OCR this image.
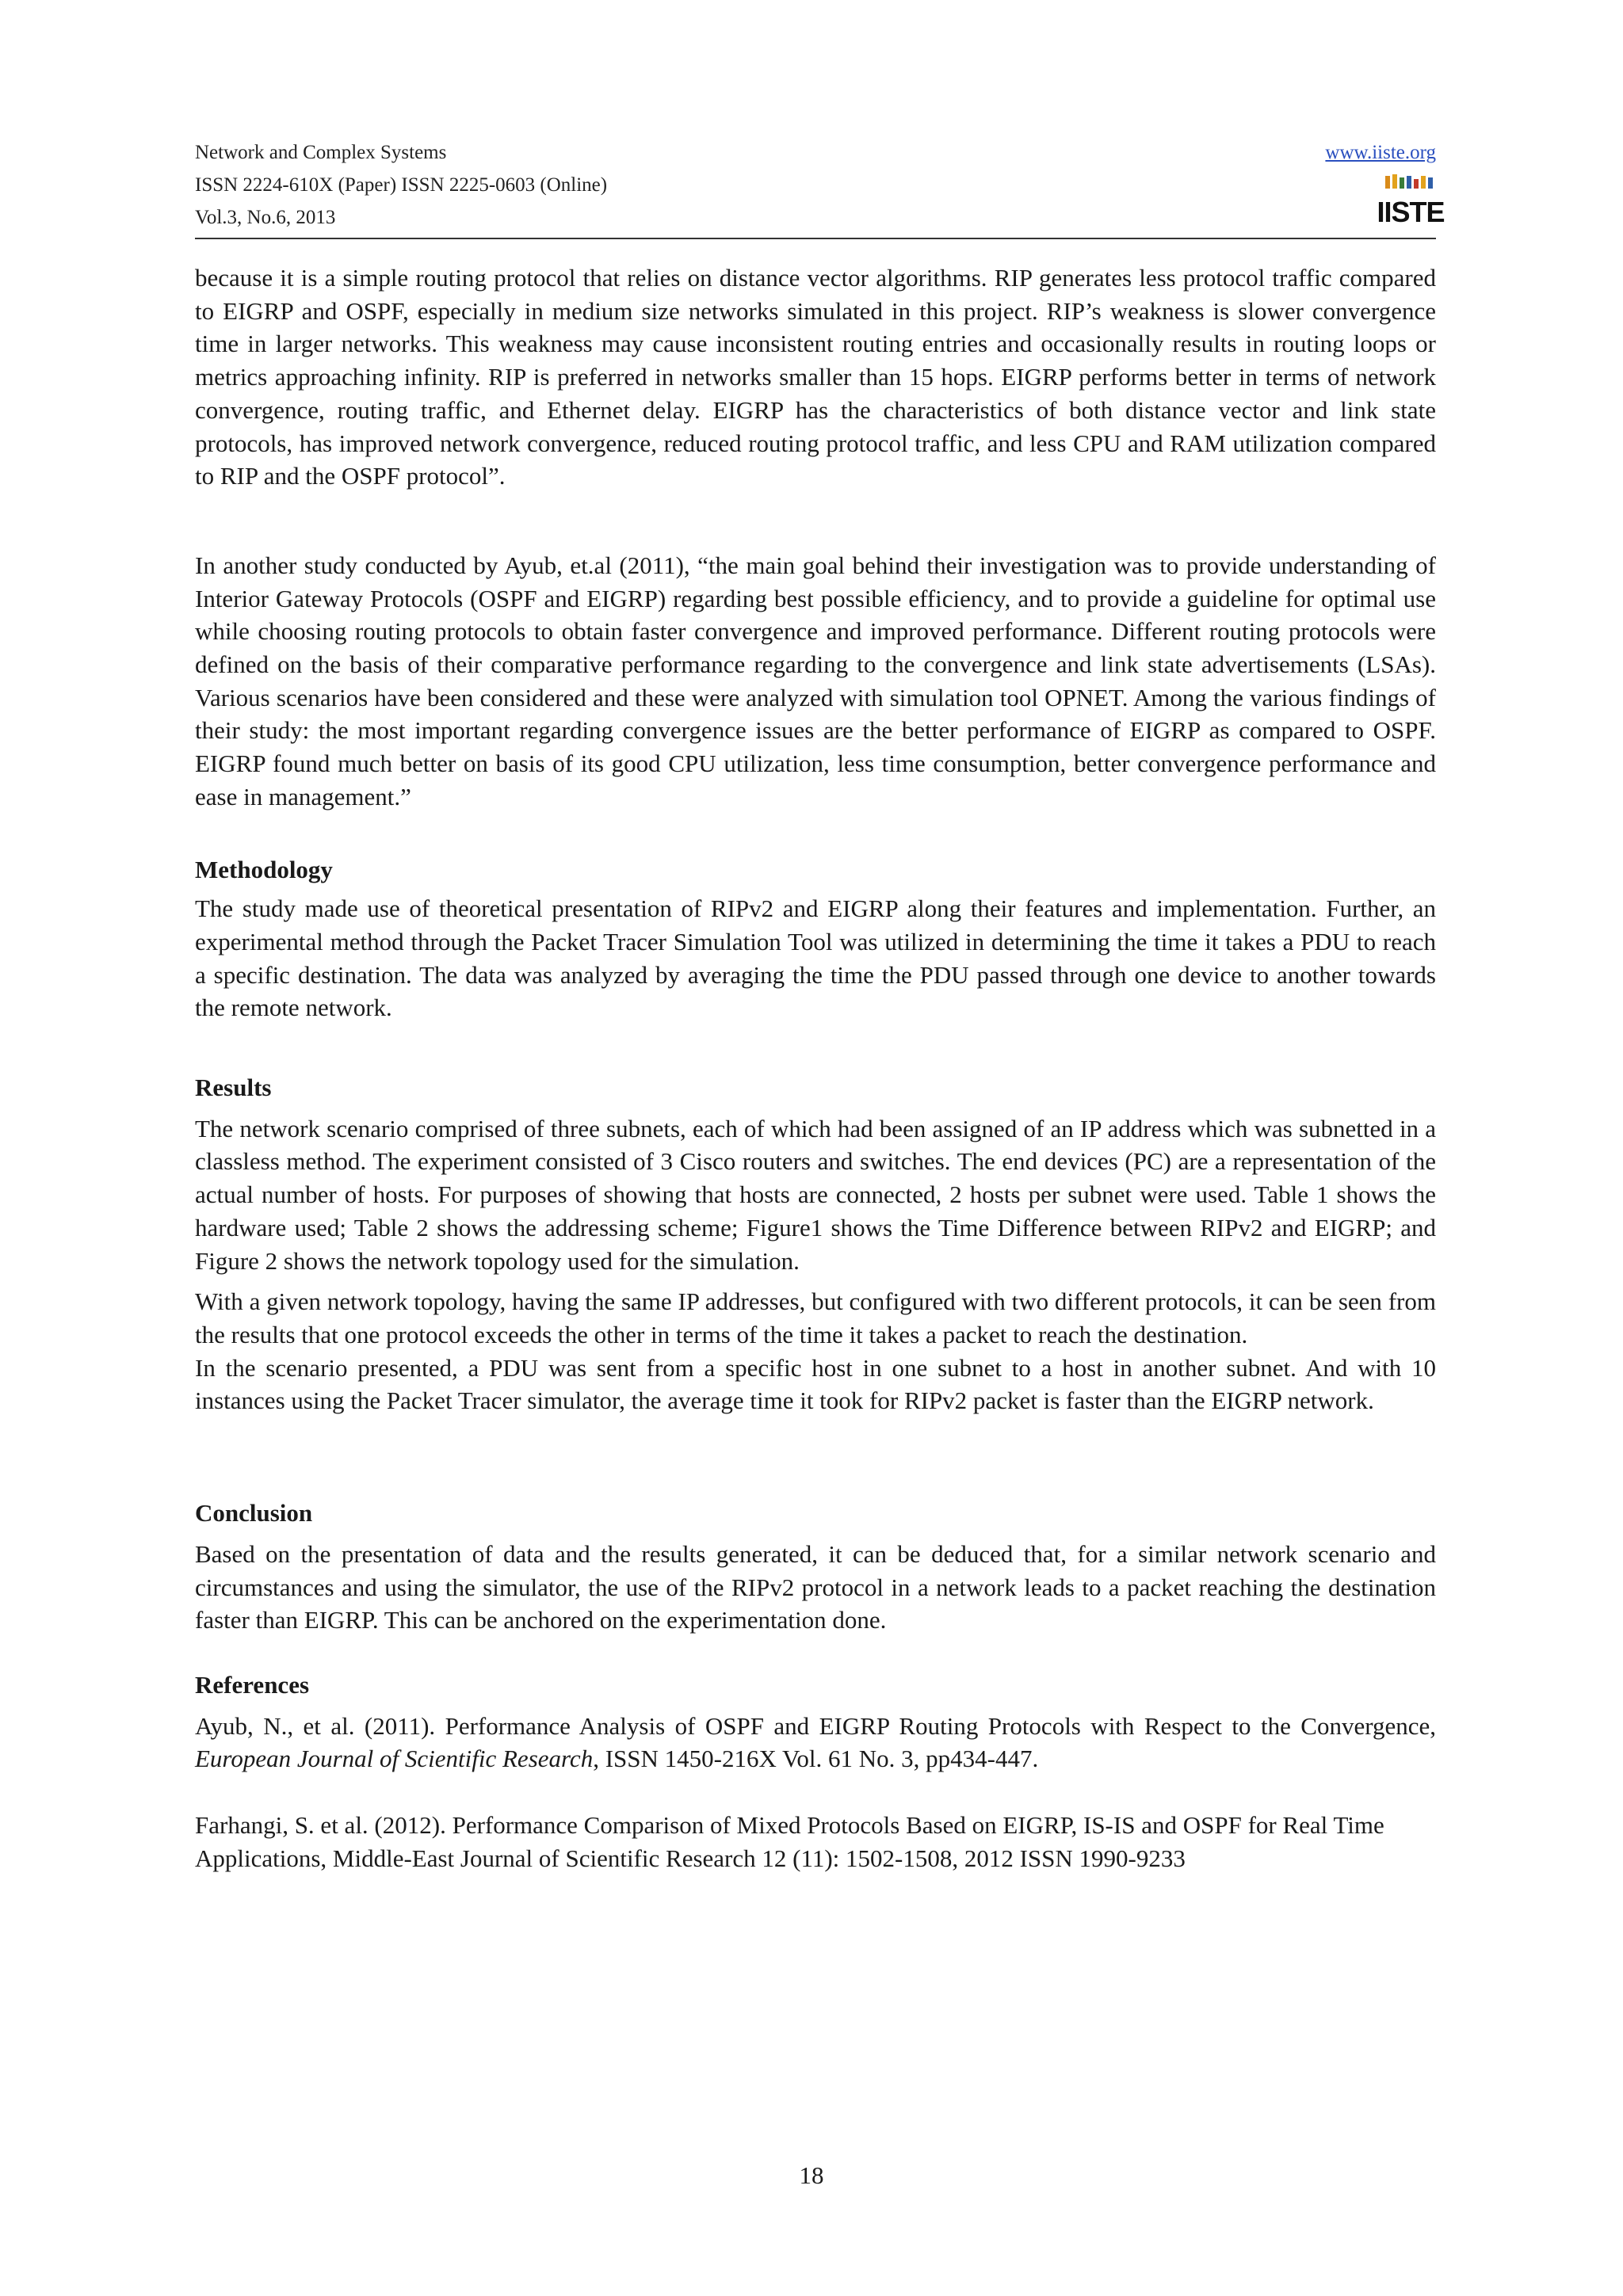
Network and Complex Systems
ISSN 2224-610X (Paper) ISSN 2225-0603 (Online)
Vol.3, No.6, 2013
www.iiste.org
IISTE

because it is a simple routing protocol that relies on distance vector algorithms. RIP generates less protocol traffic compared to EIGRP and OSPF, especially in medium size networks simulated in this project. RIP’s weakness is slower convergence time in larger networks. This weakness may cause inconsistent routing entries and occasionally results in routing loops or metrics approaching infinity. RIP is preferred in networks smaller than 15 hops. EIGRP performs better in terms of network convergence, routing traffic, and Ethernet delay. EIGRP has the characteristics of both distance vector and link state protocols, has improved network convergence, reduced routing protocol traffic, and less CPU and RAM utilization compared to RIP and the OSPF protocol”.

In another study conducted by Ayub, et.al (2011), “the main goal behind their investigation was to provide understanding of Interior Gateway Protocols (OSPF and EIGRP) regarding best possible efficiency, and to provide a guideline for optimal use while choosing routing protocols to obtain faster convergence and improved performance. Different routing protocols were defined on the basis of their comparative performance regarding to the convergence and link state advertisements (LSAs). Various scenarios have been considered and these were analyzed with simulation tool OPNET. Among the various findings of their study: the most important regarding convergence issues are the better performance of EIGRP as compared to OSPF. EIGRP found much better on basis of its good CPU utilization, less time consumption, better convergence performance and ease in management.”

Methodology

The study made use of theoretical presentation of RIPv2 and EIGRP along their features and implementation. Further, an experimental method through the Packet Tracer Simulation Tool was utilized in determining the time it takes a PDU to reach a specific destination. The data was analyzed by averaging the time the PDU passed through one device to another towards the remote network.

Results

The network scenario comprised of three subnets, each of which had been assigned of an IP address which was subnetted in a classless method. The experiment consisted of 3 Cisco routers and switches. The end devices (PC) are a representation of the actual number of hosts. For purposes of showing that hosts are connected, 2 hosts per subnet were used. Table 1 shows the hardware used; Table 2 shows the addressing scheme; Figure1 shows the Time Difference between RIPv2 and EIGRP; and Figure 2 shows the network topology used for the simulation.

With a given network topology, having the same IP addresses, but configured with two different protocols, it can be seen from the results that one protocol exceeds the other in terms of the time it takes a packet to reach the destination.

In the scenario presented, a PDU was sent from a specific host in one subnet to a host in another subnet. And with 10 instances using the Packet Tracer simulator, the average time it took for RIPv2 packet is faster than the EIGRP network.

Conclusion

Based on the presentation of data and the results generated, it can be deduced that, for a similar network scenario and circumstances and using the simulator, the use of the RIPv2 protocol in a network leads to a packet reaching the destination faster than EIGRP. This can be anchored on the experimentation done.

References

Ayub, N., et al. (2011). Performance Analysis of OSPF and EIGRP Routing Protocols with Respect to the Convergence, European Journal of Scientific Research, ISSN 1450-216X Vol. 61 No. 3, pp434-447.

Farhangi, S. et al. (2012). Performance Comparison of Mixed Protocols Based on EIGRP, IS-IS and OSPF for Real Time Applications, Middle-East Journal of Scientific Research 12 (11): 1502-1508, 2012 ISSN 1990-9233

18
